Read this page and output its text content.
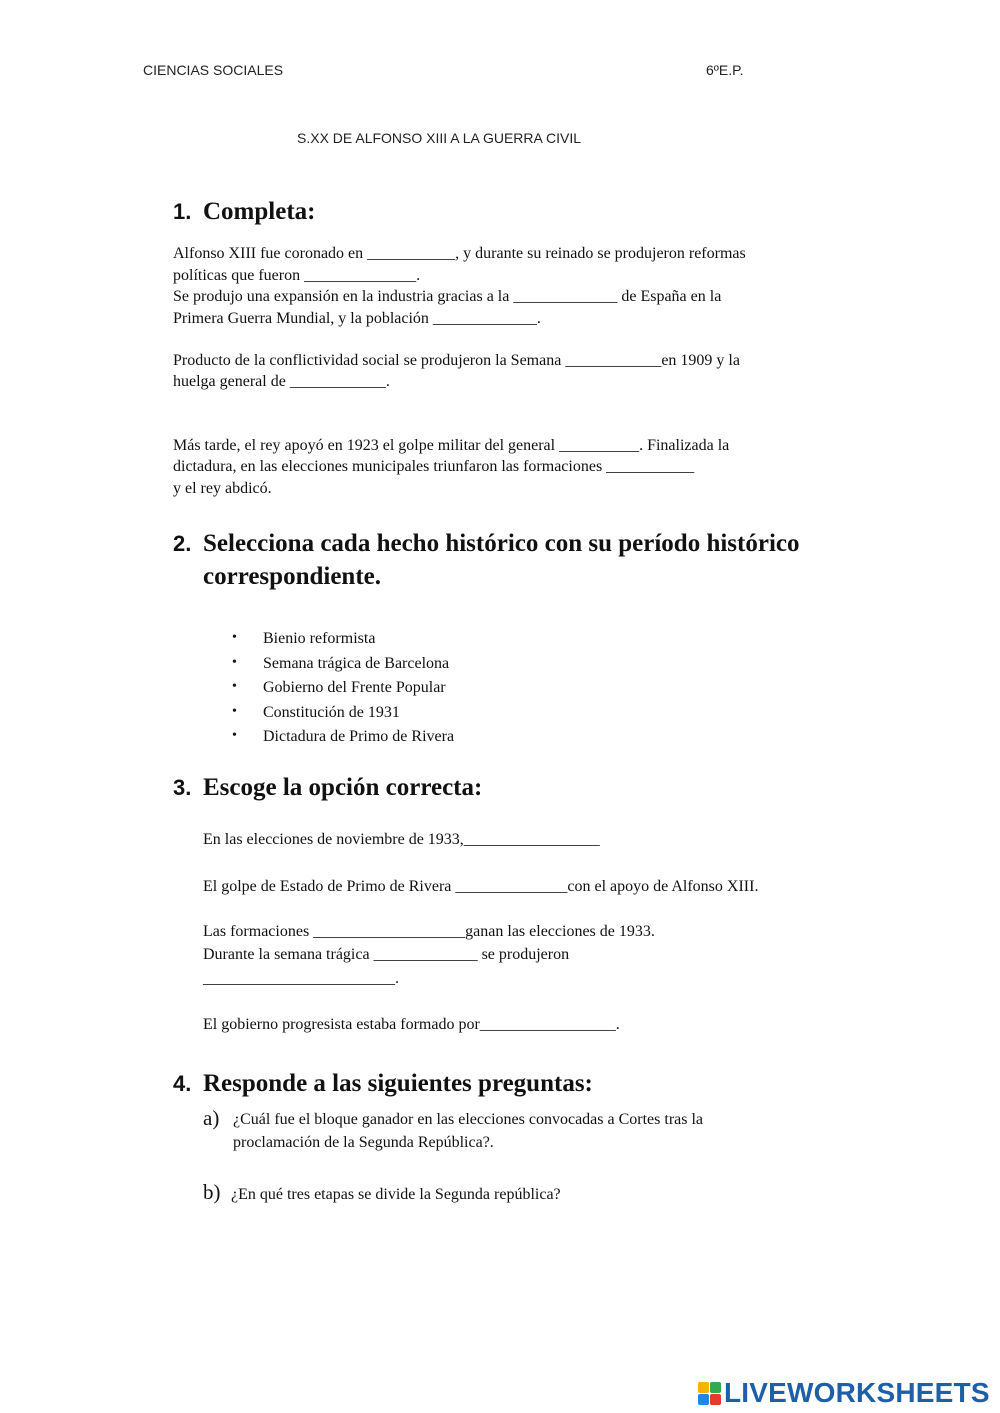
CIENCIAS SOCIALES	6ºE.P.
S.XX DE ALFONSO XIII A LA GUERRA CIVIL
1. Completa:
Alfonso XIII fue coronado en ___________, y durante su reinado se produjeron reformas
políticas que fueron ______________.
Se produjo una expansión en la industria gracias a la _____________ de España en la
Primera Guerra Mundial, y la población _____________.
Producto de la conflictividad social se produjeron la Semana ____________en 1909 y la
huelga general de ____________.
Más tarde, el rey apoyó en 1923 el golpe militar del general __________. Finalizada la
dictadura, en las elecciones municipales triunfaron las formaciones ___________
y el rey abdicó.
2. Selecciona cada hecho histórico con su período histórico
correspondiente.
• Bienio reformista
• Semana trágica de Barcelona
• Gobierno del Frente Popular
• Constitución de 1931
• Dictadura de Primo de Rivera
3. Escoge la opción correcta:
En las elecciones de noviembre de 1933,_________________
El golpe de Estado de Primo de Rivera ______________con el apoyo de Alfonso XIII.
Las formaciones ___________________ganan las elecciones de 1933.
Durante la semana trágica _____________ se produjeron
________________________.
El gobierno progresista estaba formado por_________________.
4. Responde a las siguientes preguntas:
a) ¿Cuál fue el bloque ganador en las elecciones convocadas a Cortes tras la
proclamación de la Segunda República?.
b) ¿En qué tres etapas se divide la Segunda república?
LIVEWORKSHEETS
